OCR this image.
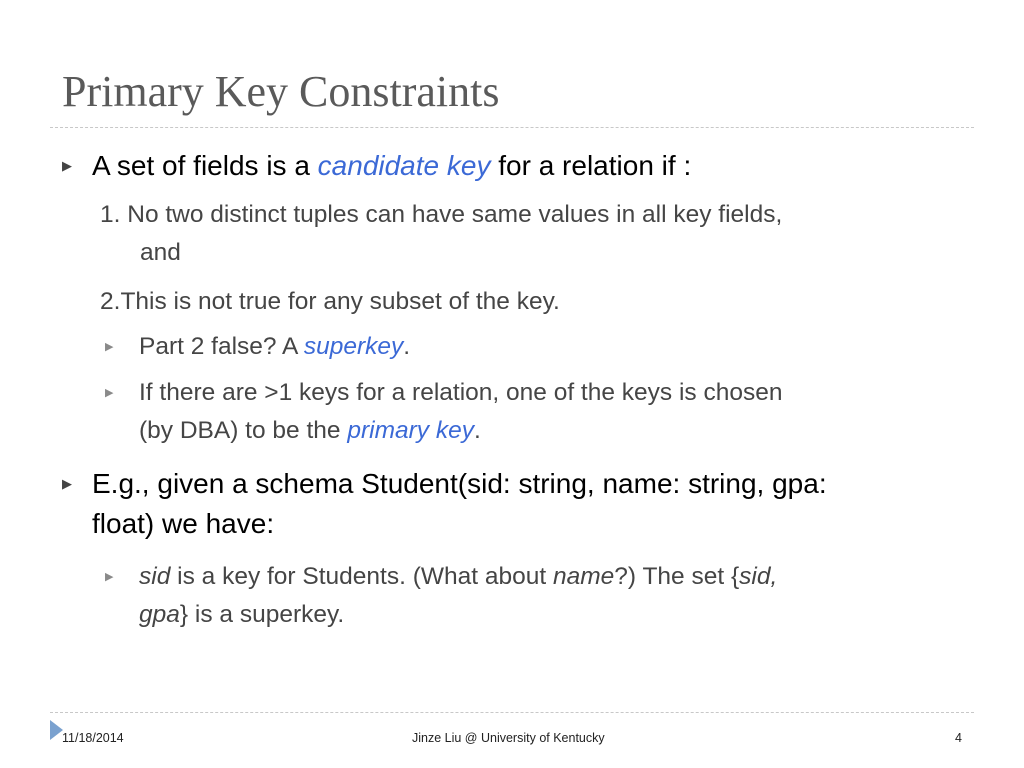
Primary Key Constraints
▶ A set of fields is a candidate key for a relation if :
1. No two distinct tuples can have same values in all key fields,
and
2.This is not true for any subset of the key.
▶ Part 2 false? A superkey.
▶ If there are >1 keys for a relation, one of the keys is chosen
(by DBA) to be the primary key.
▶ E.g., given a schema Student(sid: string, name: string, gpa:
float) we have:
▶ sid is a key for Students. (What about name?) The set {sid,
gpa} is a superkey.
11/18/2014	Jinze Liu @ University of Kentucky	4
